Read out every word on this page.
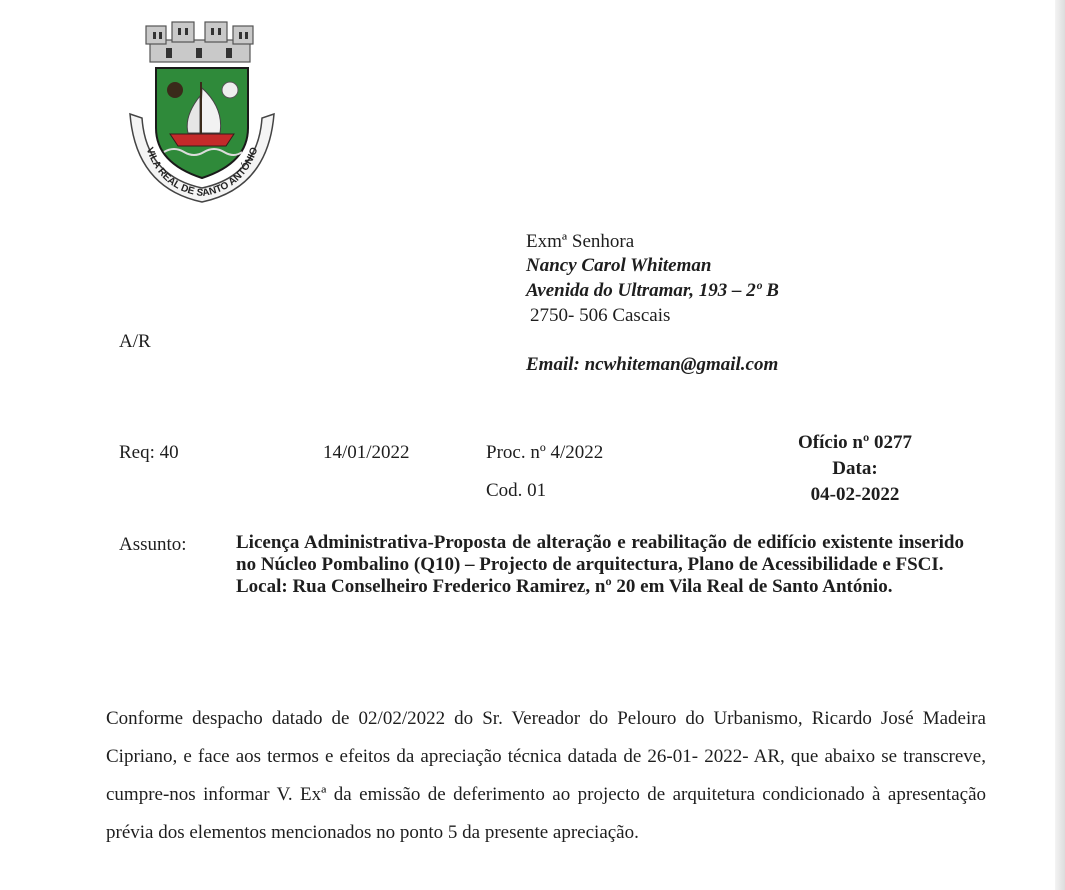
VILA REAL DE SANTO ANTÓNIO
Exmª Senhora
Nancy Carol Whiteman
Avenida do Ultramar, 193 – 2º B
2750- 506 Cascais
Email: ncwhiteman@gmail.com
A/R
Req: 40	14/01/2022	Proc. nº 4/2022
Cod. 01
Ofício nº 0277
Data:
04-02-2022
Assunto:	Licença Administrativa-Proposta de alteração e reabilitação de edifício existente inserido no Núcleo Pombalino (Q10) – Projecto de arquitectura, Plano de Acessibilidade e FSCI.

Local: Rua Conselheiro Frederico Ramirez, nº 20 em Vila Real de Santo António.

Conforme despacho datado de 02/02/2022 do Sr. Vereador do Pelouro do Urbanismo, Ricardo José Madeira Cipriano, e face aos termos e efeitos da apreciação técnica datada de 26-01- 2022- AR, que abaixo se transcreve, cumpre-nos informar V. Exª da emissão de deferimento ao projecto de arquitetura condicionado à apresentação prévia dos elementos mencionados no ponto 5 da presente apreciação.
